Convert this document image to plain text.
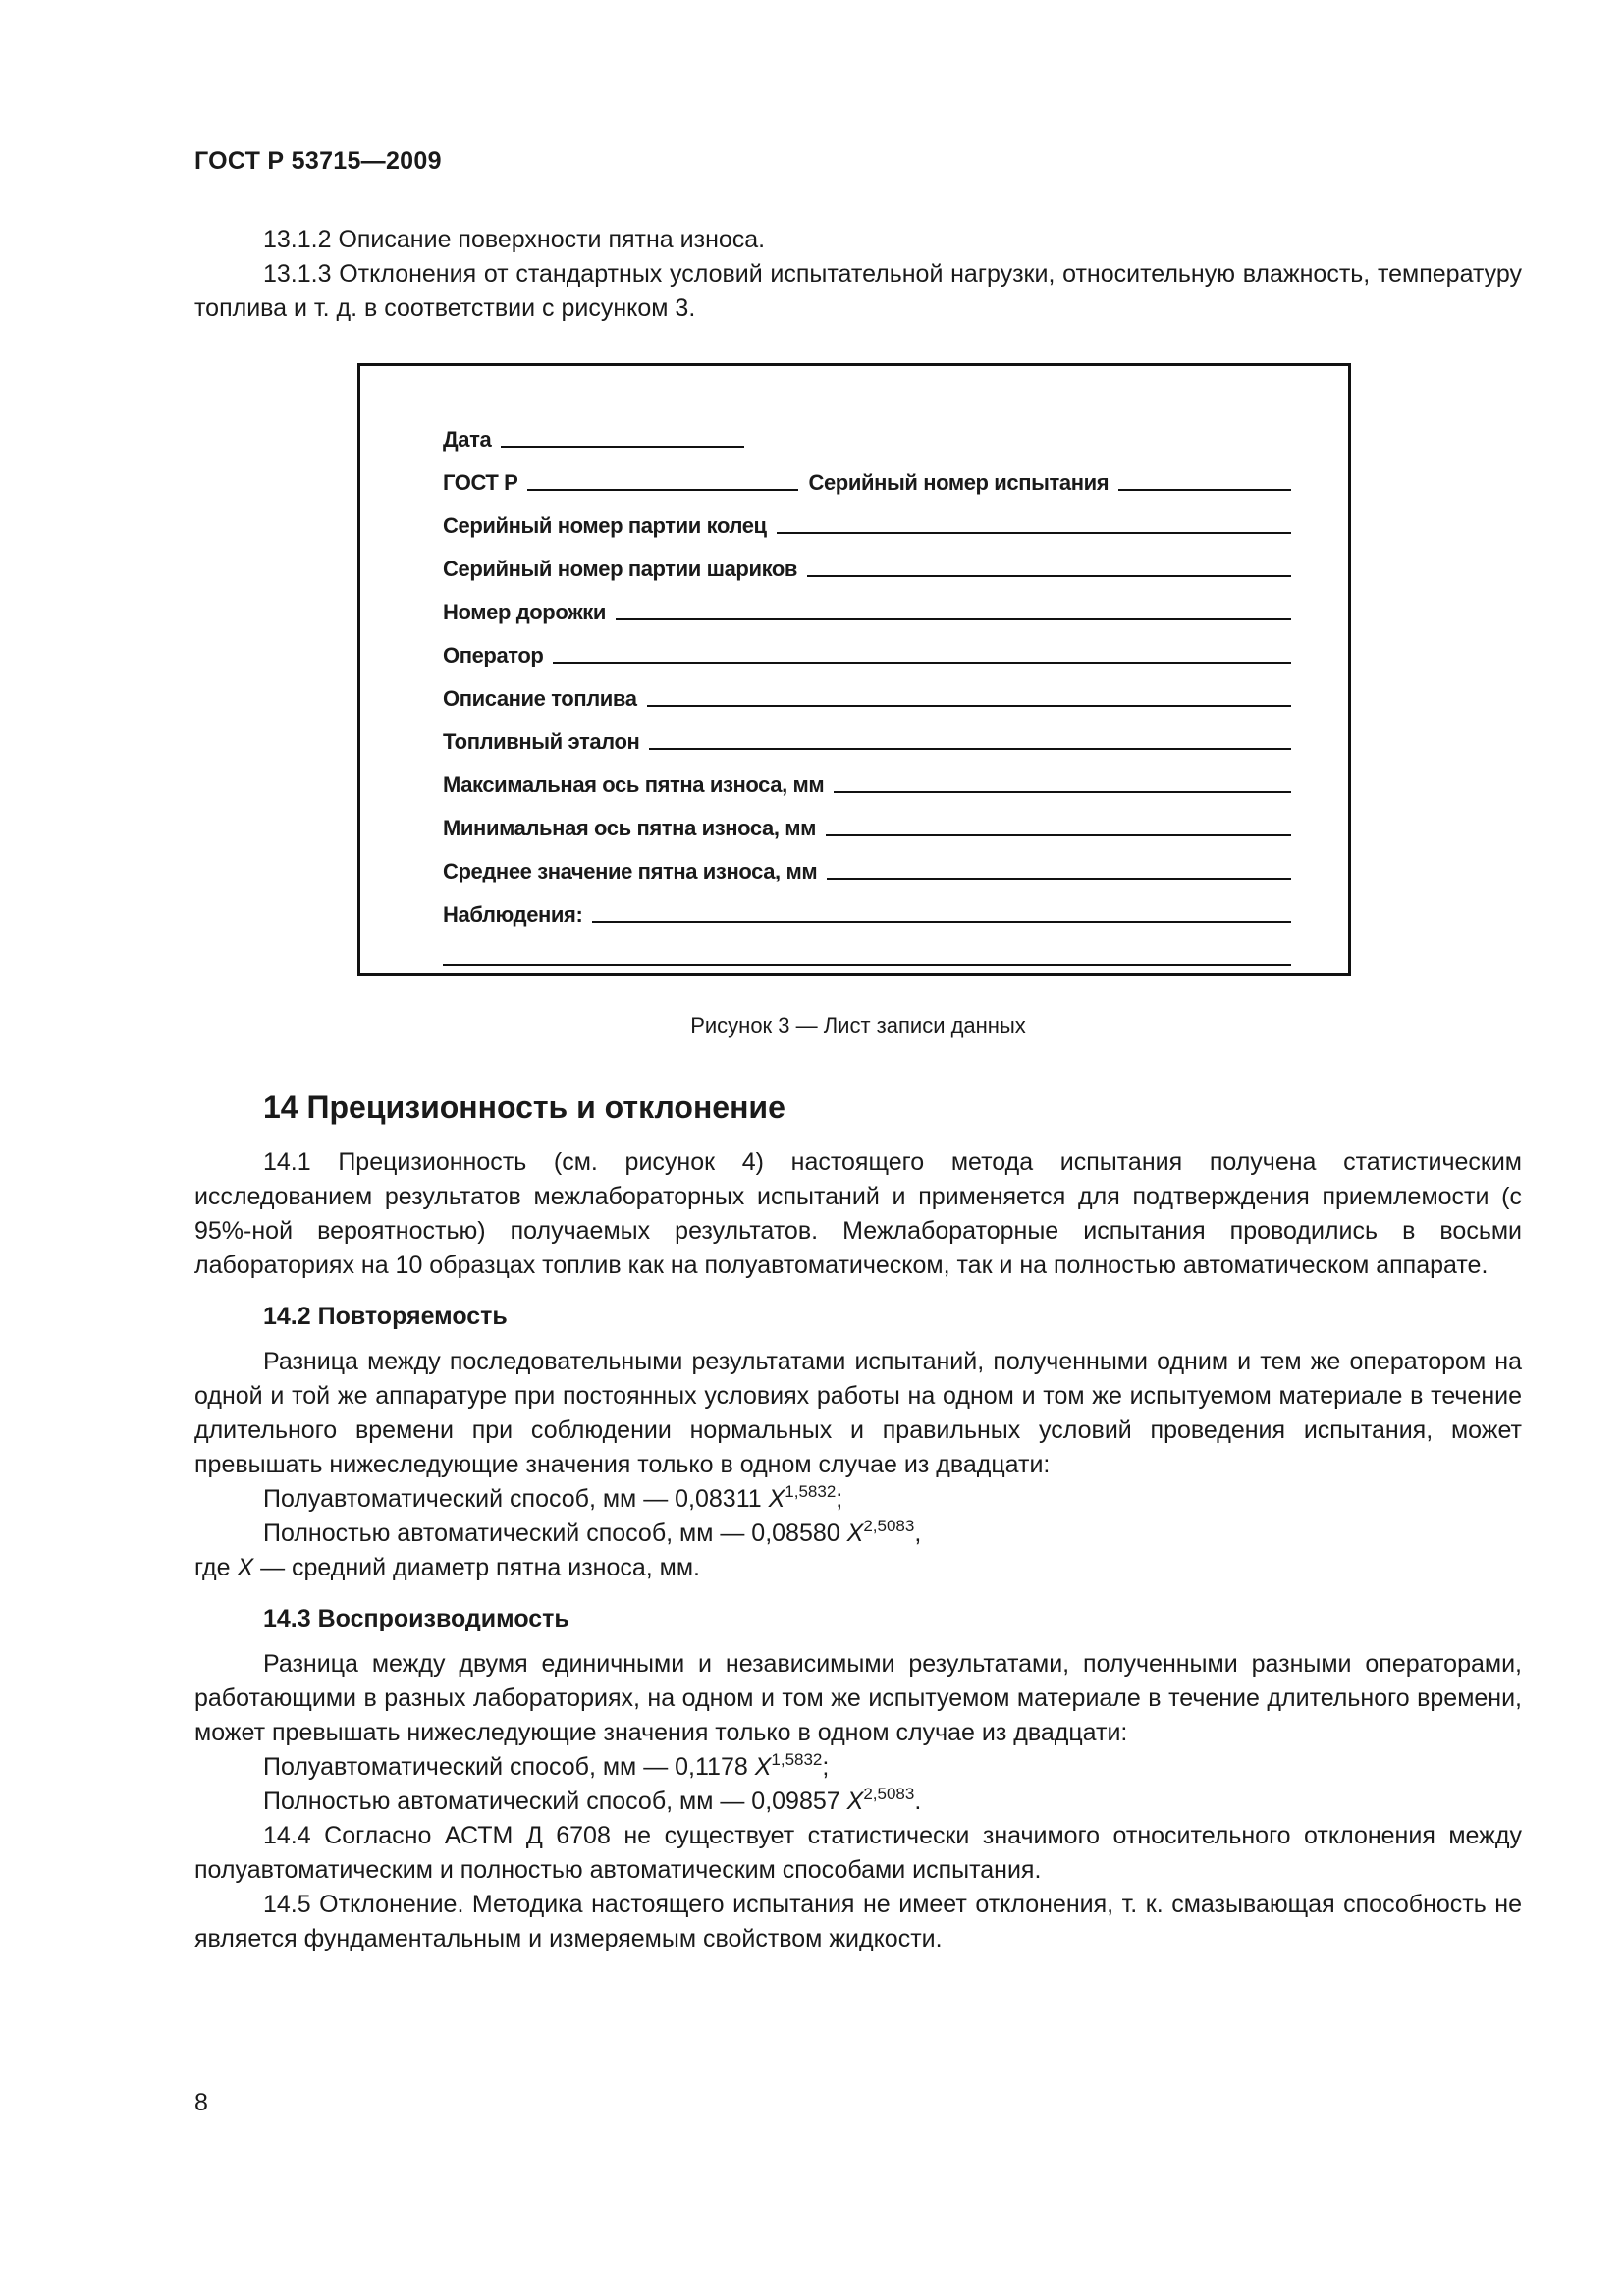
ГОСТ Р 53715—2009

13.1.2 Описание поверхности пятна износа.

13.1.3 Отклонения от стандартных условий испытательной нагрузки, относительную влажность, температуру топлива и т. д. в соответствии с рисунком 3.

Дата
ГОСТ Р	Серийный номер испытания
Серийный номер партии колец
Серийный номер партии шариков
Номер дорожки
Оператор
Описание топлива
Топливный эталон
Максимальная ось пятна износа, мм
Минимальная ось пятна износа, мм
Среднее значение пятна износа, мм
Наблюдения:
Рисунок 3 — Лист записи данных
14 Прецизионность и отклонение

14.1 Прецизионность (см. рисунок 4) настоящего метода испытания получена статистическим исследованием результатов межлабораторных испытаний и применяется для подтверждения приемлемости (с 95%-ной вероятностью) получаемых результатов. Межлабораторные испытания проводились в восьми лабораториях на 10 образцах топлив как на полуавтоматическом, так и на полностью автоматическом аппарате.

14.2 Повторяемость

Разница между последовательными результатами испытаний, полученными одним и тем же оператором на одной и той же аппаратуре при постоянных условиях работы на одном и том же испытуемом материале в течение длительного времени при соблюдении нормальных и правильных условий проведения испытания, может превышать нижеследующие значения только в одном случае из двадцати:

Полуавтоматический способ, мм — 0,08311 $X^{1,5832}$;
Полностью автоматический способ, мм — 0,08580 $X^{2,5083}$,

где X — средний диаметр пятна износа, мм.

14.3 Воспроизводимость

Разница между двумя единичными и независимыми результатами, полученными разными операторами, работающими в разных лабораториях, на одном и том же испытуемом материале в течение длительного времени, может превышать нижеследующие значения только в одном случае из двадцати:

Полуавтоматический способ, мм — 0,1178 $X^{1,5832}$;
Полностью автоматический способ, мм — 0,09857 $X^{2,5083}$.

14.4 Согласно АСТМ Д 6708 не существует статистически значимого относительного отклонения между полуавтоматическим и полностью автоматическим способами испытания.

14.5 Отклонение. Методика настоящего испытания не имеет отклонения, т. к. смазывающая способность не является фундаментальным и измеряемым свойством жидкости.

8
